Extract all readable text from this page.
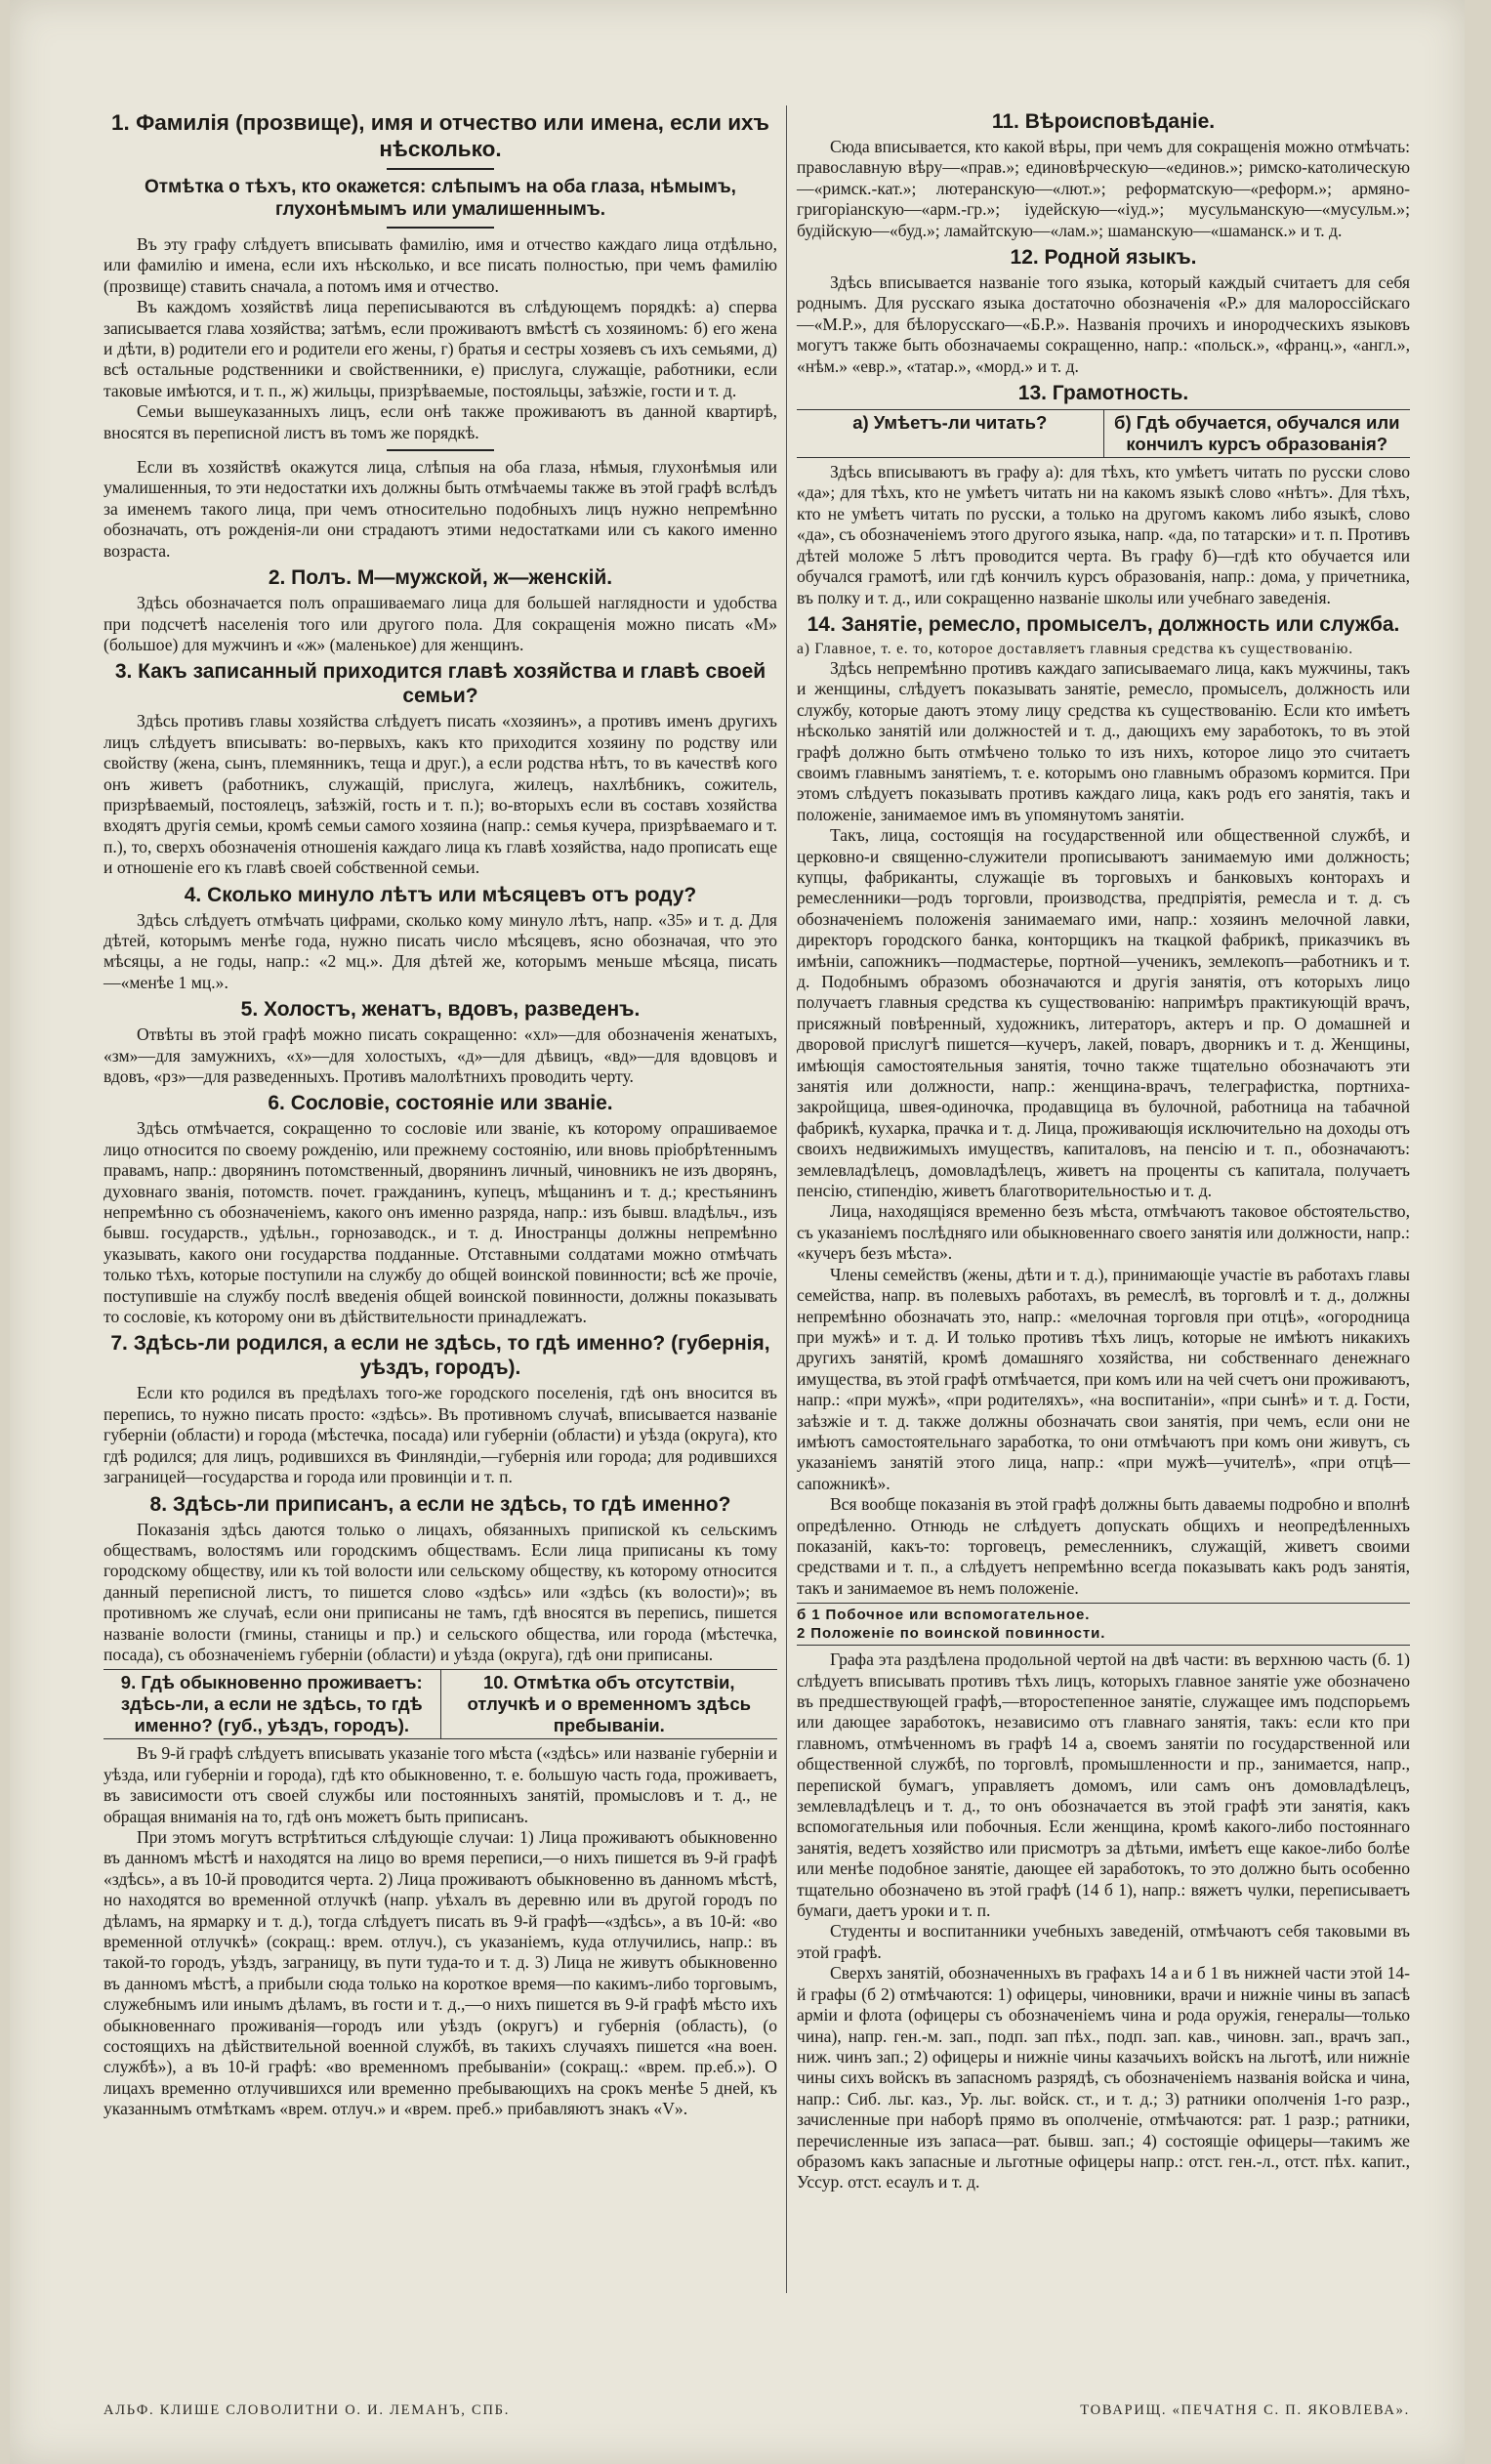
1. Фамилія (прозвище), имя и отчество или имена, если ихъ нѣсколько.
Отмѣтка о тѣхъ, кто окажется: слѣпымъ на оба глаза, нѣмымъ, глухонѣмымъ или умалишеннымъ.

Въ эту графу слѣдуетъ вписывать фамилію, имя и отчество каждаго лица отдѣльно, или фамилію и имена, если ихъ нѣсколько, и все писать полностью, при чемъ фамилію (прозвище) ставить сначала, а потомъ имя и отчество.

Въ каждомъ хозяйствѣ лица переписываются въ слѣдующемъ порядкѣ: а) сперва записывается глава хозяйства; затѣмъ, если проживаютъ вмѣстѣ съ хозяиномъ: б) его жена и дѣти, в) родители его и родители его жены, г) братья и сестры хозяевъ съ ихъ семьями, д) всѣ остальные родственники и свойственники, е) прислуга, служащіе, работники, если таковые имѣются, и т. п., ж) жильцы, призрѣваемые, постояльцы, заѣзжіе, гости и т. д.

Семьи вышеуказанныхъ лицъ, если онѣ также проживаютъ въ данной квартирѣ, вносятся въ переписной листъ въ томъ же порядкѣ.

Если въ хозяйствѣ окажутся лица, слѣпыя на оба глаза, нѣмыя, глухонѣмыя или умалишенныя, то эти недостатки ихъ должны быть отмѣчаемы также въ этой графѣ вслѣдъ за именемъ такого лица, при чемъ относительно подобныхъ лицъ нужно непремѣнно обозначать, отъ рожденія-ли они страдаютъ этими недостатками или съ какого именно возраста.

2. Полъ. М—мужской, ж—женскій.

Здѣсь обозначается полъ опрашиваемаго лица для большей наглядности и удобства при подсчетѣ населенія того или другого пола. Для сокращенія можно писать «М» (большое) для мужчинъ и «ж» (маленькое) для женщинъ.

3. Какъ записанный приходится главѣ хозяйства и главѣ своей семьи?

Здѣсь противъ главы хозяйства слѣдуетъ писать «хозяинъ», а противъ именъ другихъ лицъ слѣдуетъ вписывать: во-первыхъ, какъ кто приходится хозяину по родству или свойству (жена, сынъ, племянникъ, теща и друг.), а если родства нѣтъ, то въ качествѣ кого онъ живетъ (работникъ, служащій, прислуга, жилецъ, нахлѣбникъ, сожитель, призрѣваемый, постоялецъ, заѣзжій, гость и т. п.); во-вторыхъ если въ составъ хозяйства входятъ другія семьи, кромѣ семьи самого хозяина (напр.: семья кучера, призрѣваемаго и т. п.), то, сверхъ обозначенія отношенія каждаго лица къ главѣ хозяйства, надо прописать еще и отношеніе его къ главѣ своей собственной семьи.

4. Сколько минуло лѣтъ или мѣсяцевъ отъ роду?

Здѣсь слѣдуетъ отмѣчать цифрами, сколько кому минуло лѣтъ, напр. «35» и т. д. Для дѣтей, которымъ менѣе года, нужно писать число мѣсяцевъ, ясно обозначая, что это мѣсяцы, а не годы, напр.: «2 мц.». Для дѣтей же, которымъ меньше мѣсяца, писать—«менѣе 1 мц.».

5. Холостъ, женатъ, вдовъ, разведенъ.

Отвѣты въ этой графѣ можно писать сокращенно: «хл»—для обозначенія женатыхъ, «зм»—для замужнихъ, «х»—для холостыхъ, «д»—для дѣвицъ, «вд»—для вдовцовъ и вдовъ, «рз»—для разведенныхъ. Противъ малолѣтнихъ проводить черту.

6. Сословіе, состояніе или званіе.

Здѣсь отмѣчается, сокращенно то сословіе или званіе, къ которому опрашиваемое лицо относится по своему рожденію, или прежнему состоянію, или вновь пріобрѣтеннымъ правамъ, напр.: дворянинъ потомственный, дворянинъ личный, чиновникъ не изъ дворянъ, духовнаго званія, потомств. почет. гражданинъ, купецъ, мѣщанинъ и т. д.; крестьянинъ непремѣнно съ обозначеніемъ, какого онъ именно разряда, напр.: изъ бывш. владѣльч., изъ бывш. государств., удѣльн., горнозаводск., и т. д. Иностранцы должны непремѣнно указывать, какого они государства подданные. Отставными солдатами можно отмѣчать только тѣхъ, которые поступили на службу до общей воинской повинности; всѣ же прочіе, поступившіе на службу послѣ введенія общей воинской повинности, должны показывать то сословіе, къ которому они въ дѣйствительности принадлежатъ.

7. Здѣсь-ли родился, а если не здѣсь, то гдѣ именно? (губернія, уѣздъ, городъ).

Если кто родился въ предѣлахъ того-же городского поселенія, гдѣ онъ вносится въ перепись, то нужно писать просто: «здѣсь». Въ противномъ случаѣ, вписывается названіе губерніи (области) и города (мѣстечка, посада) или губерніи (области) и уѣзда (округа), кто гдѣ родился; для лицъ, родившихся въ Финляндіи,—губернія или города; для родившихся заграницей—государства и города или провинціи и т. п.

8. Здѣсь-ли приписанъ, а если не здѣсь, то гдѣ именно?

Показанія здѣсь даются только о лицахъ, обязанныхъ припиской къ сельскимъ обществамъ, волостямъ или городскимъ обществамъ. Если лица приписаны къ тому городскому обществу, или къ той волости или сельскому обществу, къ которому относится данный переписной листъ, то пишется слово «здѣсь» или «здѣсь (къ волости)»; въ противномъ же случаѣ, если они приписаны не тамъ, гдѣ вносятся въ перепись, пишется названіе волости (гмины, станицы и пр.) и сельского общества, или города (мѣстечка, посада), съ обозначеніемъ губерніи (области) и уѣзда (округа), гдѣ они приписаны.

9. Гдѣ обыкновенно проживаетъ: здѣсь-ли, а если не здѣсь, то гдѣ именно? (губ., уѣздъ, городъ).
10. Отмѣтка объ отсутствіи, отлучкѣ и о временномъ здѣсь пребываніи.

Въ 9-й графѣ слѣдуетъ вписывать указаніе того мѣста («здѣсь» или названіе губерніи и уѣзда, или губерніи и города), гдѣ кто обыкновенно, т. е. большую часть года, проживаетъ, въ зависимости отъ своей службы или постоянныхъ занятій, промысловъ и т. д., не обращая вниманія на то, гдѣ онъ можетъ быть приписанъ.

При этомъ могутъ встрѣтиться слѣдующіе случаи: 1) Лица проживаютъ обыкновенно въ данномъ мѣстѣ и находятся на лицо во время переписи,—о нихъ пишется въ 9-й графѣ «здѣсь», а въ 10-й проводится черта. 2) Лица проживаютъ обыкновенно въ данномъ мѣстѣ, но находятся во временной отлучкѣ (напр. уѣхалъ въ деревню или въ другой городъ по дѣламъ, на ярмарку и т. д.), тогда слѣдуетъ писать въ 9-й графѣ—«здѣсь», а въ 10-й: «во временной отлучкѣ» (сокращ.: врем. отлуч.), съ указаніемъ, куда отлучились, напр.: въ такой-то городъ, уѣздъ, заграницу, въ пути туда-то и т. д. 3) Лица не живутъ обыкновенно въ данномъ мѣстѣ, а прибыли сюда только на короткое время—по какимъ-либо торговымъ, служебнымъ или инымъ дѣламъ, въ гости и т. д.,—о нихъ пишется въ 9-й графѣ мѣсто ихъ обыкновеннаго проживанія—городъ или уѣздъ (округъ) и губернія (область), (о состоящихъ на дѣйствительной военной службѣ, въ такихъ случаяхъ пишется «на воен. службѣ»), а въ 10-й графѣ: «во временномъ пребываніи» (сокращ.: «врем. пр.еб.»). О лицахъ временно отлучившихся или временно пребывающихъ на срокъ менѣе 5 дней, къ указаннымъ отмѣткамъ «врем. отлуч.» и «врем. преб.» прибавляютъ знакъ «V».

11. Вѣроисповѣданіе.

Сюда вписывается, кто какой вѣры, при чемъ для сокращенія можно отмѣчать: православную вѣру—«прав.»; единовѣрческую—«единов.»; римско-католическую—«римск.-кат.»; лютеранскую—«лют.»; реформатскую—«реформ.»; армяно-григоріанскую—«арм.-гр.»; іудейскую—«іуд.»; мусульманскую—«мусульм.»; будійскую—«буд.»; ламайтскую—«лам.»; шаманскую—«шаманск.» и т. д.

12. Родной языкъ.

Здѣсь вписывается названіе того языка, который каждый считаетъ для себя роднымъ. Для русскаго языка достаточно обозначенія «Р.» для малороссійскаго—«М.Р.», для бѣлорусскаго—«Б.Р.». Названія прочихъ и инородческихъ языковъ могутъ также быть обозначаемы сокращенно, напр.: «польск.», «франц.», «англ.», «нѣм.» «евр.», «татар.», «морд.» и т. д.

13. Грамотность.
а) Умѣетъ-ли читать?	б) Гдѣ обучается, обучался или кончилъ курсъ образованія?

Здѣсь вписываютъ въ графу а): для тѣхъ, кто умѣетъ читать по русски слово «да»; для тѣхъ, кто не умѣетъ читать ни на какомъ языкѣ слово «нѣтъ». Для тѣхъ, кто не умѣетъ читать по русски, а только на другомъ какомъ либо языкѣ, слово «да», съ обозначеніемъ этого другого языка, напр. «да, по татарски» и т. п. Противъ дѣтей моложе 5 лѣтъ проводится черта. Въ графу б)—гдѣ кто обучается или обучался грамотѣ, или гдѣ кончилъ курсъ образованія, напр.: дома, у причетника, въ полку и т. д., или сокращенно названіе школы или учебнаго заведенія.

14. Занятіе, ремесло, промыселъ, должность или служба.

а) Главное, т. е. то, которое доставляетъ главныя средства къ существованію.

Здѣсь непремѣнно противъ каждаго записываемаго лица, какъ мужчины, такъ и женщины, слѣдуетъ показывать занятіе, ремесло, промыселъ, должность или службу, которые даютъ этому лицу средства къ существованію. Если кто имѣетъ нѣсколько занятій или должностей и т. д., дающихъ ему заработокъ, то въ этой графѣ должно быть отмѣчено только то изъ нихъ, которое лицо это считаетъ своимъ главнымъ занятіемъ, т. е. которымъ оно главнымъ образомъ кормится. При этомъ слѣдуетъ показывать противъ каждаго лица, какъ родъ его занятія, такъ и положеніе, занимаемое имъ въ упомянутомъ занятіи.

Такъ, лица, состоящія на государственной или общественной службѣ, и церковно-и священно-служители прописываютъ занимаемую ими должность; купцы, фабриканты, служащіе въ торговыхъ и банковыхъ конторахъ и ремесленники—родъ торговли, производства, предпріятія, ремесла и т. д. съ обозначеніемъ положенія занимаемаго ими, напр.: хозяинъ мелочной лавки, директоръ городского банка, конторщикъ на ткацкой фабрикѣ, приказчикъ въ имѣніи, сапожникъ—подмастерье, портной—ученикъ, землекопъ—работникъ и т. д. Подобнымъ образомъ обозначаются и другія занятія, отъ которыхъ лицо получаетъ главныя средства къ существованію: напримѣръ практикующій врачъ, присяжный повѣренный, художникъ, литераторъ, актеръ и пр. О домашней и дворовой прислугѣ пишется—кучеръ, лакей, поваръ, дворникъ и т. д. Женщины, имѣющія самостоятельныя занятія, точно также тщательно обозначаютъ эти занятія или должности, напр.: женщина-врачъ, телеграфистка, портниха-закройщица, швея-одиночка, продавщица въ булочной, работница на табачной фабрикѣ, кухарка, прачка и т. д. Лица, проживающія исключительно на доходы отъ своихъ недвижимыхъ имуществъ, капиталовъ, на пенсію и т. п., обозначаютъ: землевладѣлецъ, домовладѣлецъ, живетъ на проценты съ капитала, получаетъ пенсію, стипендію, живетъ благотворительностью и т. д.

Лица, находящіяся временно безъ мѣста, отмѣчаютъ таковое обстоятельство, съ указаніемъ послѣдняго или обыкновеннаго своего занятія или должности, напр.: «кучеръ безъ мѣста».

Члены семействъ (жены, дѣти и т. д.), принимающіе участіе въ работахъ главы семейства, напр. въ полевыхъ работахъ, въ ремеслѣ, въ торговлѣ и т. д., должны непремѣнно обозначать это, напр.: «мелочная торговля при отцѣ», «огородница при мужѣ» и т. д. И только противъ тѣхъ лицъ, которые не имѣютъ никакихъ другихъ занятій, кромѣ домашняго хозяйства, ни собственнаго денежнаго имущества, въ этой графѣ отмѣчается, при комъ или на чей счетъ они проживаютъ, напр.: «при мужѣ», «при родителяхъ», «на воспитаніи», «при сынѣ» и т. д. Гости, заѣзжіе и т. д. также должны обозначать свои занятія, при чемъ, если они не имѣютъ самостоятельнаго заработка, то они отмѣчаютъ при комъ они живутъ, съ указаніемъ занятій этого лица, напр.: «при мужѣ—учителѣ», «при отцѣ—сапожникѣ».

Вся вообще показанія въ этой графѣ должны быть даваемы подробно и вполнѣ опредѣленно. Отнюдь не слѣдуетъ допускать общихъ и неопредѣленныхъ показаній, какъ-то: торговецъ, ремесленникъ, служащій, живетъ своими средствами и т. п., а слѣдуетъ непремѣнно всегда показывать какъ родъ занятія, такъ и занимаемое въ немъ положеніе.

б 1 Побочное или вспомогательное.
2 Положеніе по воинской повинности.

Графа эта раздѣлена продольной чертой на двѣ части: въ верхнюю часть (б. 1) слѣдуетъ вписывать противъ тѣхъ лицъ, которыхъ главное занятіе уже обозначено въ предшествующей графѣ,—второстепенное занятіе, служащее имъ подспорьемъ или дающее заработокъ, независимо отъ главнаго занятія, такъ: если кто при главномъ, отмѣченномъ въ графѣ 14 а, своемъ занятіи по государственной или общественной службѣ, по торговлѣ, промышленности и пр., занимается, напр., перепиской бумагъ, управляетъ домомъ, или самъ онъ домовладѣлецъ, землевладѣлецъ и т. д., то онъ обозначается въ этой графѣ эти занятія, какъ вспомогательныя или побочныя. Если женщина, кромѣ какого-либо постояннаго занятія, ведетъ хозяйство или присмотръ за дѣтьми, имѣетъ еще какое-либо болѣе или менѣе подобное занятіе, дающее ей заработокъ, то это должно быть особенно тщательно обозначено въ этой графѣ (14 б 1), напр.: вяжетъ чулки, переписываетъ бумаги, даетъ уроки и т. п.

Студенты и воспитанники учебныхъ заведеній, отмѣчаютъ себя таковыми въ этой графѣ.

Сверхъ занятій, обозначенныхъ въ графахъ 14 а и б 1 въ нижней части этой 14-й графы (б 2) отмѣчаются: 1) офицеры, чиновники, врачи и нижніе чины въ запасѣ арміи и флота (офицеры съ обозначеніемъ чина и рода оружія, генералы—только чина), напр. ген.-м. зап., подп. зап пѣх., подп. зап. кав., чиновн. зап., врачъ зап., ниж. чинъ зап.; 2) офицеры и нижніе чины казачьихъ войскъ на льготѣ, или нижніе чины сихъ войскъ въ запасномъ разрядѣ, съ обозначеніемъ названія войска и чина, напр.: Сиб. льг. каз., Ур. льг. войск. ст., и т. д.; 3) ратники ополченія 1-го разр., зачисленные при наборѣ прямо въ ополченіе, отмѣчаются: рат. 1 разр.; ратники, перечисленные изъ запаса—рат. бывш. зап.; 4) состоящіе офицеры—такимъ же образомъ какъ запасные и льготные офицеры напр.: отст. ген.-л., отст. пѣх. капит., Уссур. отст. есаулъ и т. д.

АЛЬФ. КЛИШЕ СЛОВОЛИТНИ О. И. ЛЕМАНЪ, СПБ.	ТОВАРИЩ. «ПЕЧАТНЯ С. П. ЯКОВЛЕВА».
